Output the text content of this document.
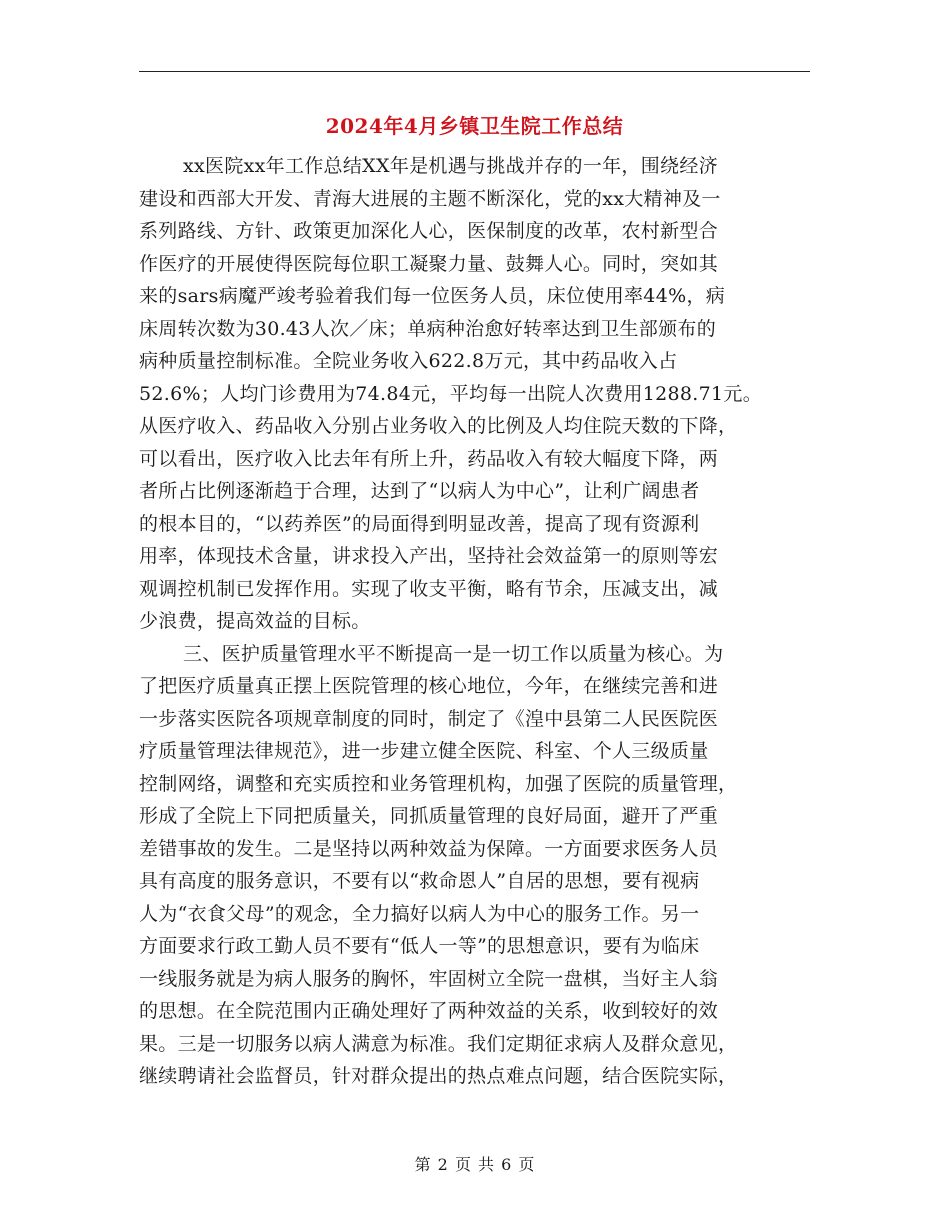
2024年4月乡镇卫生院工作总结
xx医院xx年工作总结XX年是机遇与挑战并存的一年，围绕经济
建设和西部大开发、青海大进展的主题不断深化，党的xx大精神及一
系列路线、方针、政策更加深化人心，医保制度的改革，农村新型合
作医疗的开展使得医院每位职工凝聚力量、鼓舞人心。同时，突如其
来的sars病魔严竣考验着我们每一位医务人员，床位使用率44%，病
床周转次数为30.43人次／床；单病种治愈好转率达到卫生部颁布的
病种质量控制标准。全院业务收入622.8万元，其中药品收入占
52.6%；人均门诊费用为74.84元，平均每一出院人次费用1288.71元。
从医疗收入、药品收入分别占业务收入的比例及人均住院天数的下降，
可以看出，医疗收入比去年有所上升，药品收入有较大幅度下降，两
者所占比例逐渐趋于合理，达到了“以病人为中心”，让利广阔患者
的根本目的，“以药养医”的局面得到明显改善，提高了现有资源利
用率，体现技术含量，讲求投入产出，坚持社会效益第一的原则等宏
观调控机制已发挥作用。实现了收支平衡，略有节余，压减支出，减
少浪费，提高效益的目标。
三、医护质量管理水平不断提高一是一切工作以质量为核心。为
了把医疗质量真正摆上医院管理的核心地位，今年，在继续完善和进
一步落实医院各项规章制度的同时，制定了《湟中县第二人民医院医
疗质量管理法律规范》，进一步建立健全医院、科室、个人三级质量
控制网络，调整和充实质控和业务管理机构，加强了医院的质量管理，
形成了全院上下同把质量关，同抓质量管理的良好局面，避开了严重
差错事故的发生。二是坚持以两种效益为保障。一方面要求医务人员
具有高度的服务意识，不要有以“救命恩人”自居的思想，要有视病
人为“衣食父母”的观念，全力搞好以病人为中心的服务工作。另一
方面要求行政工勤人员不要有“低人一等”的思想意识，要有为临床
一线服务就是为病人服务的胸怀，牢固树立全院一盘棋，当好主人翁
的思想。在全院范围内正确处理好了两种效益的关系，收到较好的效
果。三是一切服务以病人满意为标准。我们定期征求病人及群众意见，
继续聘请社会监督员，针对群众提出的热点难点问题，结合医院实际，
第 2 页 共 6 页
